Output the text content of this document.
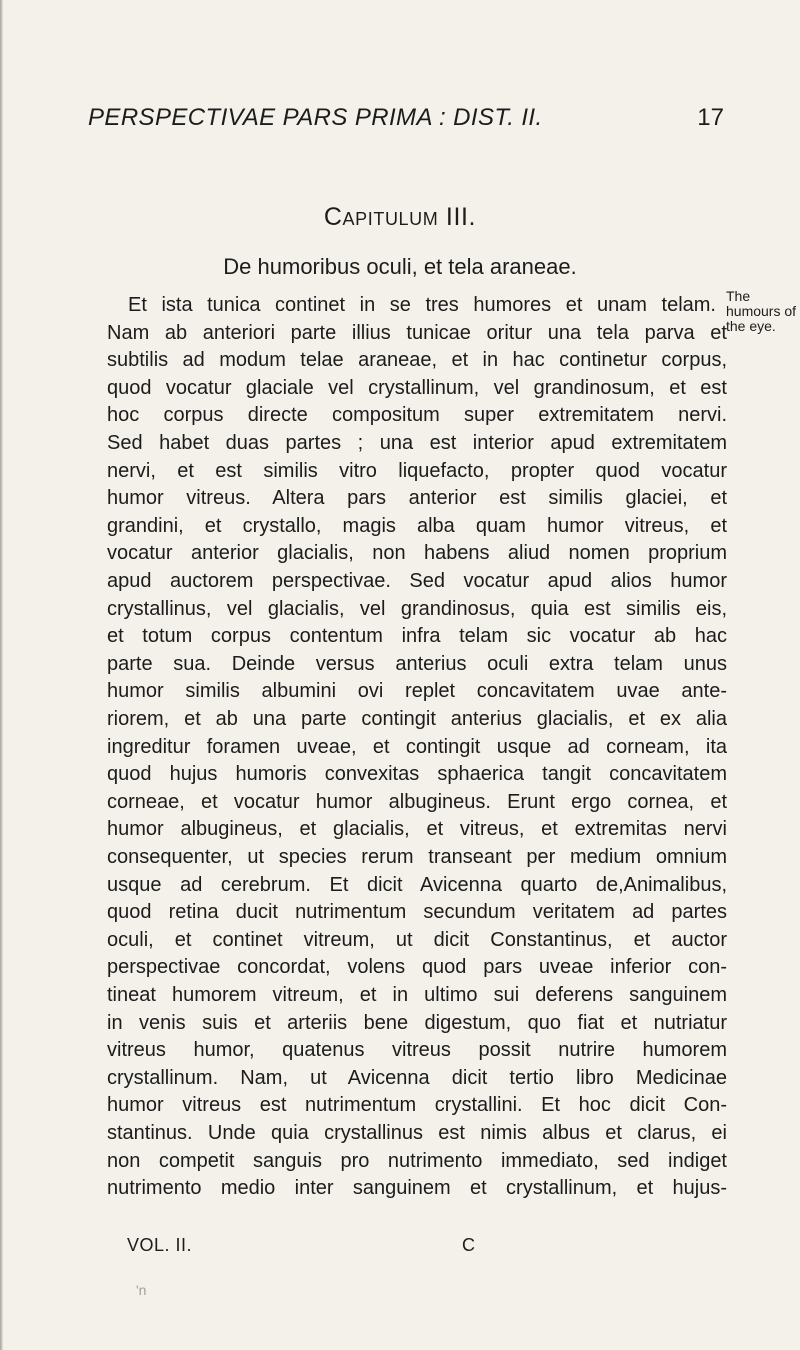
PERSPECTIVAE PARS PRIMA : DIST. II.	17
Capitulum III.
De humoribus oculi, et tela araneae.
The
humours of
the eye.
Et ista tunica continet in se tres humores et unam telam.
Nam ab anteriori parte illius tunicae oritur una tela parva et
subtilis ad modum telae araneae, et in hac continetur corpus,
quod vocatur glaciale vel crystallinum, vel grandinosum, et est
hoc corpus directe compositum super extremitatem nervi.
Sed habet duas partes ; una est interior apud extremitatem
nervi, et est similis vitro liquefacto, propter quod vocatur
humor vitreus. Altera pars anterior est similis glaciei, et
grandini, et crystallo, magis alba quam humor vitreus, et
vocatur anterior glacialis, non habens aliud nomen proprium
apud auctorem perspectivae. Sed vocatur apud alios humor
crystallinus, vel glacialis, vel grandinosus, quia est similis eis,
et totum corpus contentum infra telam sic vocatur ab hac
parte sua. Deinde versus anterius oculi extra telam unus
humor similis albumini ovi replet concavitatem uvae ante-
riorem, et ab una parte contingit anterius glacialis, et ex alia
ingreditur foramen uveae, et contingit usque ad corneam, ita
quod hujus humoris convexitas sphaerica tangit concavitatem
corneae, et vocatur humor albugineus. Erunt ergo cornea, et
humor albugineus, et glacialis, et vitreus, et extremitas nervi
consequenter, ut species rerum transeant per medium omnium
usque ad cerebrum. Et dicit Avicenna quarto de,Animalibus,
quod retina ducit nutrimentum secundum veritatem ad partes
oculi, et continet vitreum, ut dicit Constantinus, et auctor
perspectivae concordat, volens quod pars uveae inferior con-
tineat humorem vitreum, et in ultimo sui deferens sanguinem
in venis suis et arteriis bene digestum, quo fiat et nutriatur
vitreus humor, quatenus vitreus possit nutrire humorem
crystallinum. Nam, ut Avicenna dicit tertio libro Medicinae
humor vitreus est nutrimentum crystallini. Et hoc dicit Con-
stantinus. Unde quia crystallinus est nimis albus et clarus, ei
non competit sanguis pro nutrimento immediato, sed indiget
nutrimento medio inter sanguinem et crystallinum, et hujus-
VOL. II.	C
'n
